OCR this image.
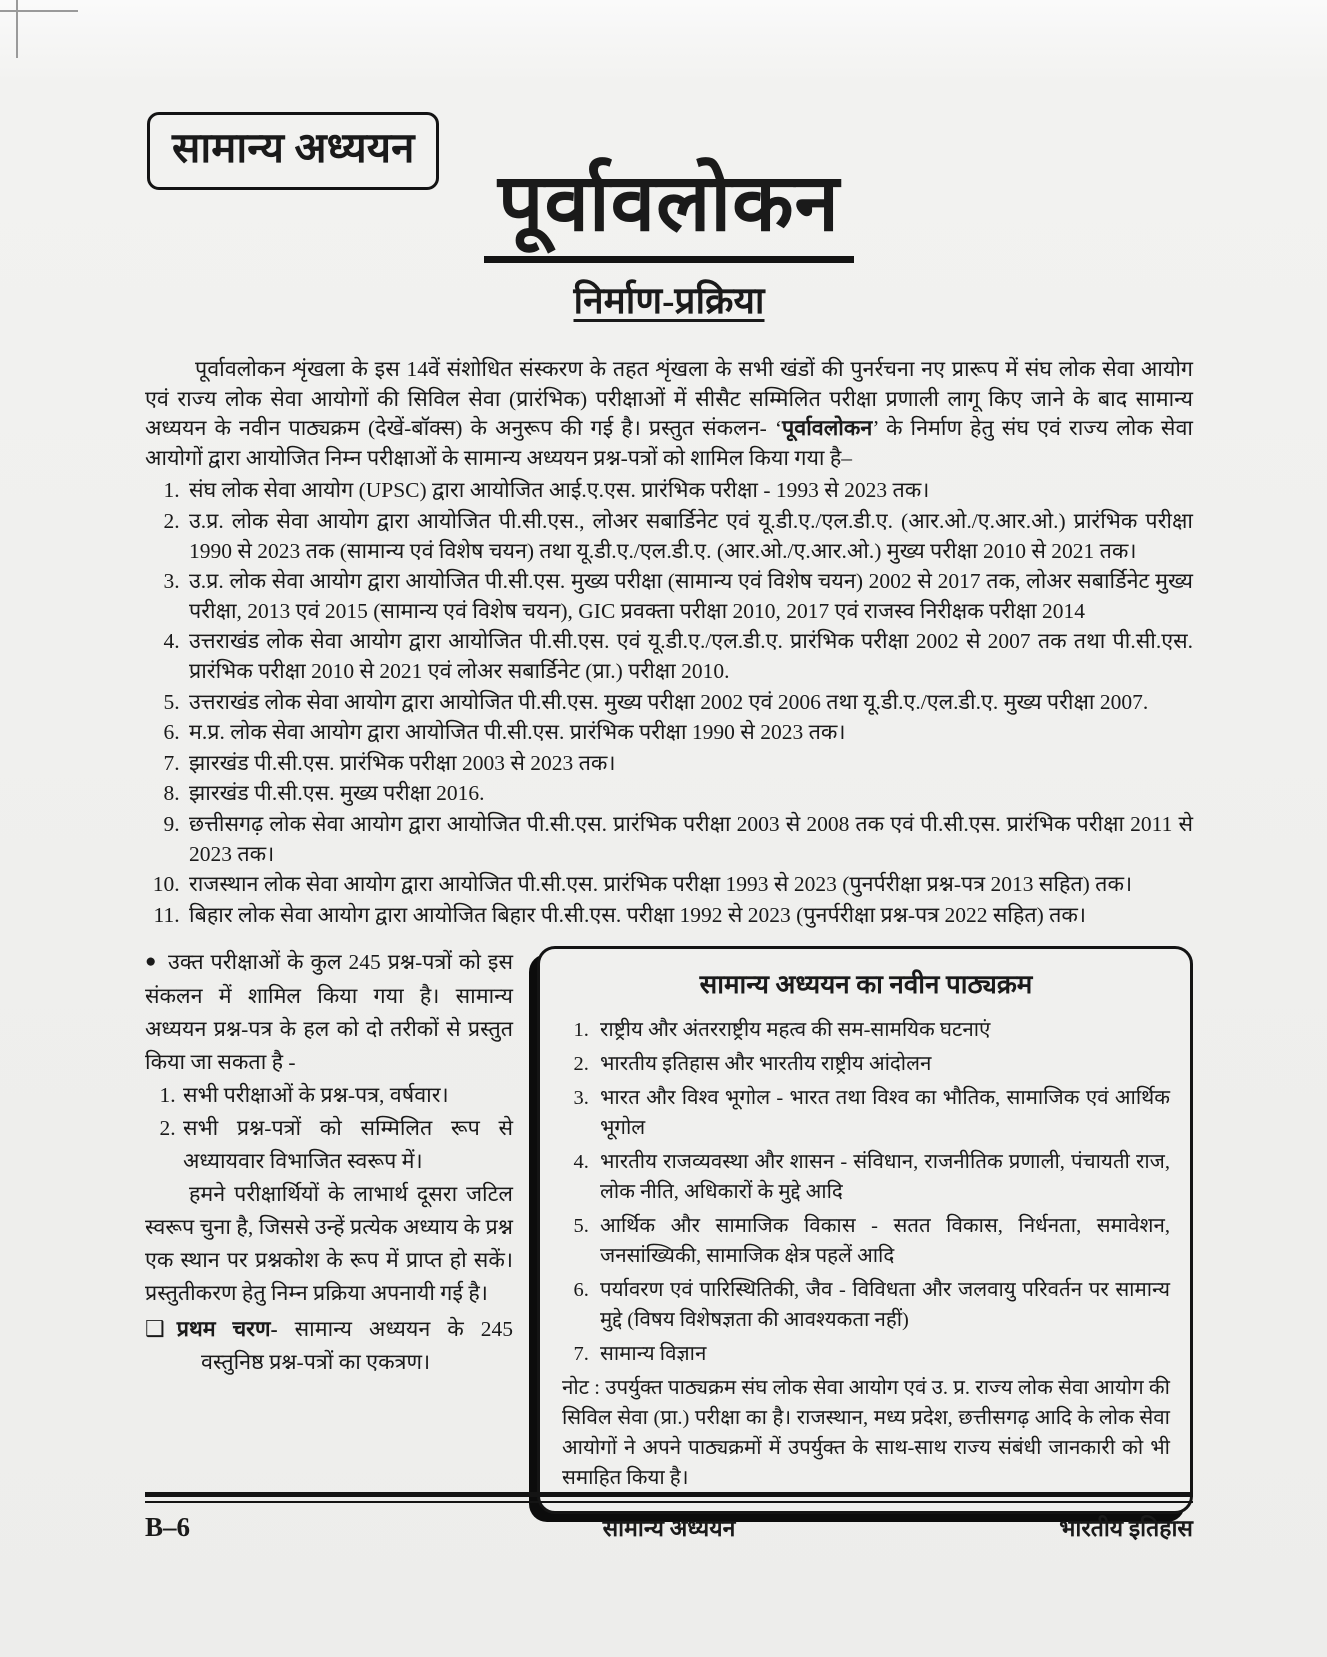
सामान्य अध्ययन
पूर्वावलोकन
निर्माण-प्रक्रिया

पूर्वावलोकन शृंखला के इस 14वें संशोधित संस्करण के तहत शृंखला के सभी खंडों की पुनर्रचना नए प्रारूप में संघ लोक सेवा आयोग एवं राज्य लोक सेवा आयोगों की सिविल सेवा (प्रारंभिक) परीक्षाओं में सीसैट सम्मिलित परीक्षा प्रणाली लागू किए जाने के बाद सामान्य अध्ययन के नवीन पाठ्यक्रम (देखें-बॉक्स) के अनुरूप की गई है। प्रस्तुत संकलन- ‘पूर्वावलोकन’ के निर्माण हेतु संघ एवं राज्य लोक सेवा आयोगों द्वारा आयोजित निम्न परीक्षाओं के सामान्य अध्ययन प्रश्न-पत्रों को शामिल किया गया है–

1. संघ लोक सेवा आयोग (UPSC) द्वारा आयोजित आई.ए.एस. प्रारंभिक परीक्षा - 1993 से 2023 तक।
2. उ.प्र. लोक सेवा आयोग द्वारा आयोजित पी.सी.एस., लोअर सबार्डिनेट एवं यू.डी.ए./एल.डी.ए. (आर.ओ./ए.आर.ओ.) प्रारंभिक परीक्षा 1990 से 2023 तक (सामान्य एवं विशेष चयन) तथा यू.डी.ए./एल.डी.ए. (आर.ओ./ए.आर.ओ.) मुख्य परीक्षा 2010 से 2021 तक।
3. उ.प्र. लोक सेवा आयोग द्वारा आयोजित पी.सी.एस. मुख्य परीक्षा (सामान्य एवं विशेष चयन) 2002 से 2017 तक, लोअर सबार्डिनेट मुख्य परीक्षा, 2013 एवं 2015 (सामान्य एवं विशेष चयन), GIC प्रवक्ता परीक्षा 2010, 2017 एवं राजस्व निरीक्षक परीक्षा 2014
4. उत्तराखंड लोक सेवा आयोग द्वारा आयोजित पी.सी.एस. एवं यू.डी.ए./एल.डी.ए. प्रारंभिक परीक्षा 2002 से 2007 तक तथा पी.सी.एस. प्रारंभिक परीक्षा 2010 से 2021 एवं लोअर सबार्डिनेट (प्रा.) परीक्षा 2010.
5. उत्तराखंड लोक सेवा आयोग द्वारा आयोजित पी.सी.एस. मुख्य परीक्षा 2002 एवं 2006 तथा यू.डी.ए./एल.डी.ए. मुख्य परीक्षा 2007.
6. म.प्र. लोक सेवा आयोग द्वारा आयोजित पी.सी.एस. प्रारंभिक परीक्षा 1990 से 2023 तक।
7. झारखंड पी.सी.एस. प्रारंभिक परीक्षा 2003 से 2023 तक।
8. झारखंड पी.सी.एस. मुख्य परीक्षा 2016.
9. छत्तीसगढ़ लोक सेवा आयोग द्वारा आयोजित पी.सी.एस. प्रारंभिक परीक्षा 2003 से 2008 तक एवं पी.सी.एस. प्रारंभिक परीक्षा 2011 से 2023 तक।
10. राजस्थान लोक सेवा आयोग द्वारा आयोजित पी.सी.एस. प्रारंभिक परीक्षा 1993 से 2023 (पुनर्परीक्षा प्रश्न-पत्र 2013 सहित) तक।
11. बिहार लोक सेवा आयोग द्वारा आयोजित बिहार पी.सी.एस. परीक्षा 1992 से 2023 (पुनर्परीक्षा प्रश्न-पत्र 2022 सहित) तक।

● उक्त परीक्षाओं के कुल 245 प्रश्न-पत्रों को इस संकलन में शामिल किया गया है। सामान्य अध्ययन प्रश्न-पत्र के हल को दो तरीकों से प्रस्तुत किया जा सकता है -

1. सभी परीक्षाओं के प्रश्न-पत्र, वर्षवार।
2. सभी प्रश्न-पत्रों को सम्मिलित रूप से अध्यायवार विभाजित स्वरूप में।

हमने परीक्षार्थियों के लाभार्थ दूसरा जटिल स्वरूप चुना है, जिससे उन्हें प्रत्येक अध्याय के प्रश्न एक स्थान पर प्रश्नकोश के रूप में प्राप्त हो सकें। प्रस्तुतीकरण हेतु निम्न प्रक्रिया अपनायी गई है।

❑ प्रथम चरण- सामान्य अध्ययन के 245 वस्तुनिष्ठ प्रश्न-पत्रों का एकत्रण।

सामान्य अध्ययन का नवीन पाठ्यक्रम
1. राष्ट्रीय और अंतरराष्ट्रीय महत्व की सम-सामयिक घटनाएं
2. भारतीय इतिहास और भारतीय राष्ट्रीय आंदोलन
3. भारत और विश्व भूगोल - भारत तथा विश्व का भौतिक, सामाजिक एवं आर्थिक भूगोल
4. भारतीय राजव्यवस्था और शासन - संविधान, राजनीतिक प्रणाली, पंचायती राज, लोक नीति, अधिकारों के मुद्दे आदि
5. आर्थिक और सामाजिक विकास - सतत विकास, निर्धनता, समावेशन, जनसांख्यिकी, सामाजिक क्षेत्र पहलें आदि
6. पर्यावरण एवं पारिस्थितिकी, जैव - विविधता और जलवायु परिवर्तन पर सामान्य मुद्दे (विषय विशेषज्ञता की आवश्यकता नहीं)
7. सामान्य विज्ञान

नोट : उपर्युक्त पाठ्यक्रम संघ लोक सेवा आयोग एवं उ. प्र. राज्य लोक सेवा आयोग की सिविल सेवा (प्रा.) परीक्षा का है। राजस्थान, मध्य प्रदेश, छत्तीसगढ़ आदि के लोक सेवा आयोगों ने अपने पाठ्यक्रमों में उपर्युक्त के साथ-साथ राज्य संबंधी जानकारी को भी समाहित किया है।

B–6	सामान्य अध्ययन	भारतीय इतिहास
